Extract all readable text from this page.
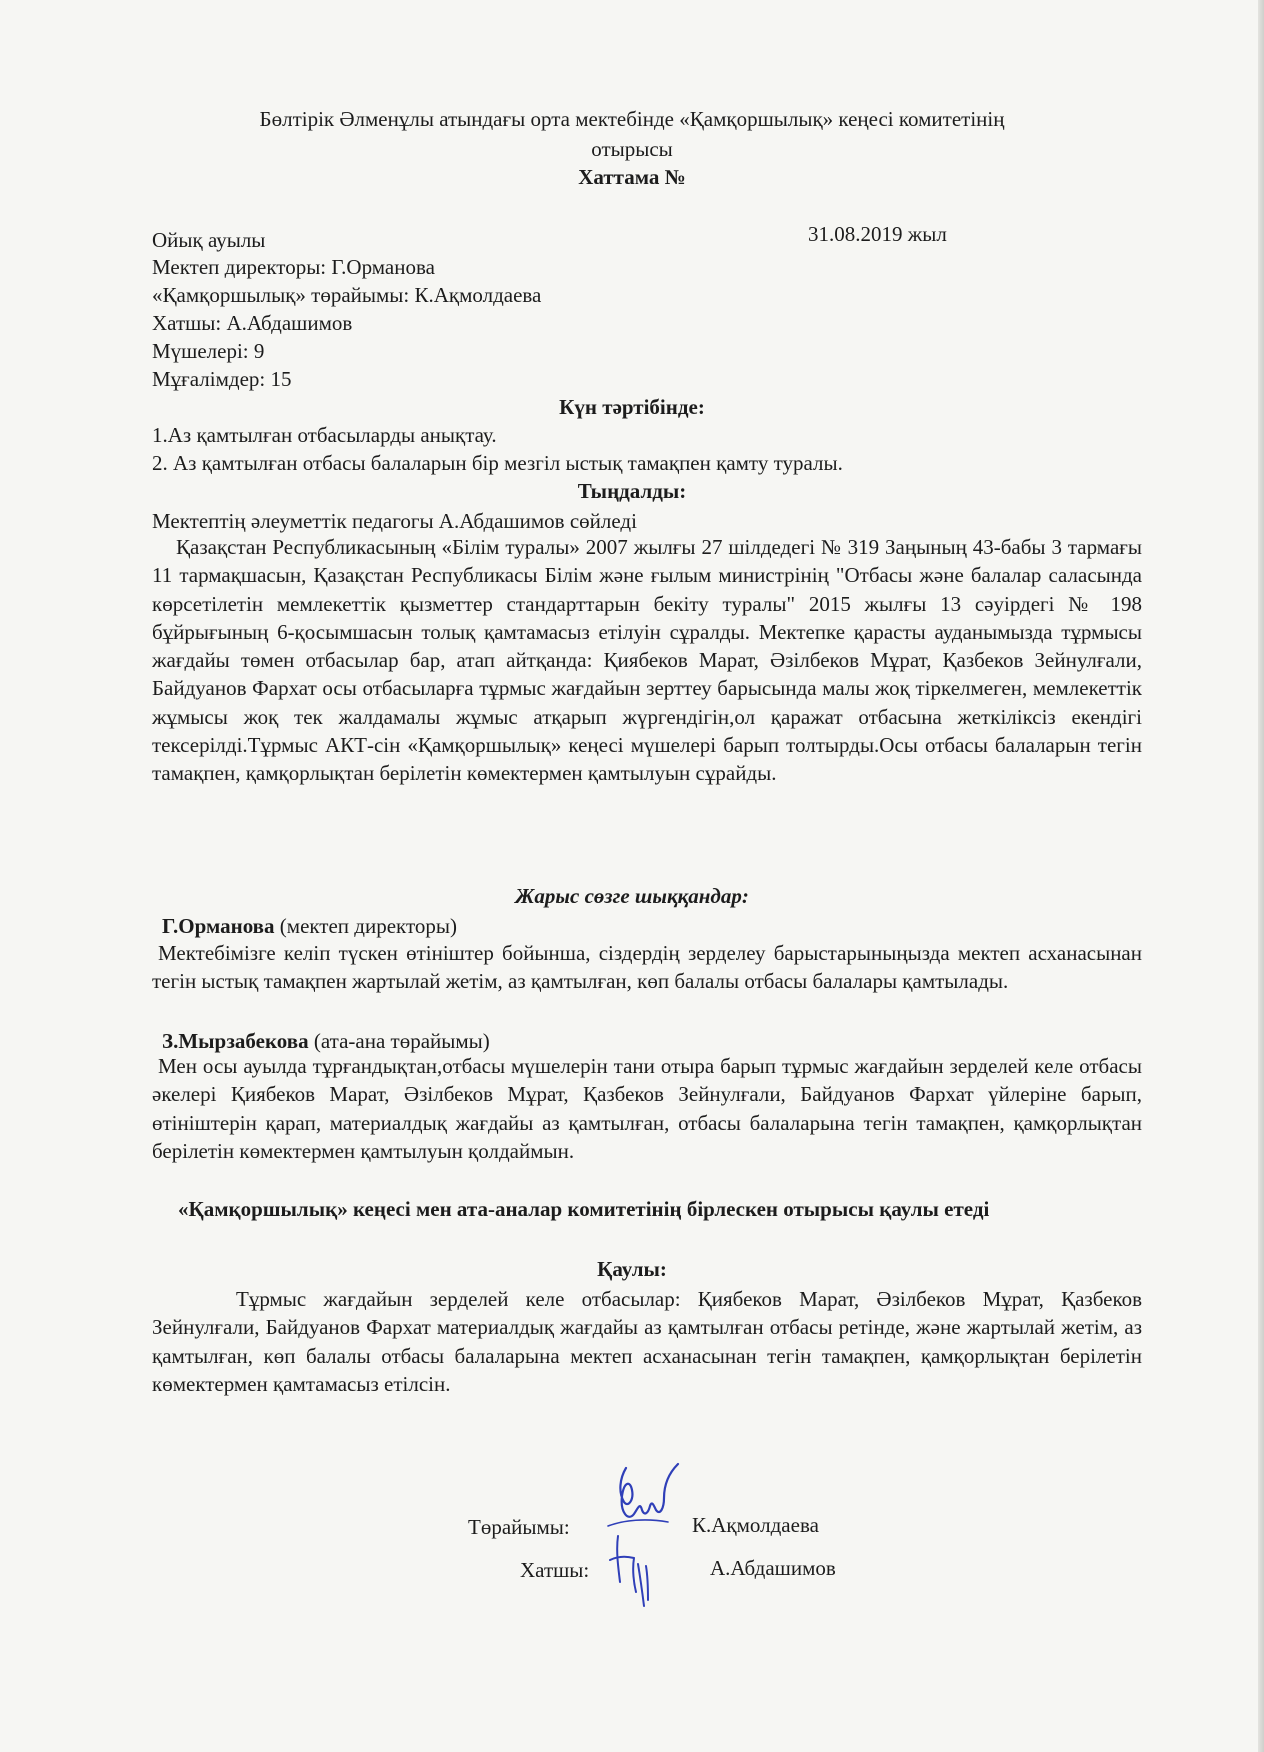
Бөлтірік Әлменұлы атындағы орта мектебінде «Қамқоршылық» кеңесі комитетінің
отырысы
Хаттама №
Ойық ауылы	31.08.2019 жыл
Мектеп директоры: Г.Орманова
«Қамқоршылық» төрайымы: К.Ақмолдаева
Хатшы: А.Абдашимов
Мүшелері: 9
Мұғалімдер: 15
Күн тәртібінде:
1.Аз қамтылған отбасыларды анықтау.
2. Аз қамтылған отбасы балаларын бір мезгіл ыстық тамақпен қамту туралы.
Тыңдалды:
Мектептің әлеуметтік педагогы А.Абдашимов сөйледі

Қазақстан Республикасының «Білім туралы» 2007 жылғы 27 шілдедегі № 319 Заңының 43-бабы 3 тармағы 11 тармақшасын, Қазақстан Республикасы Білім және ғылым министрінің "Отбасы және балалар саласында көрсетілетін мемлекеттік қызметтер стандарттарын бекіту туралы" 2015 жылғы 13 сәуірдегі № 198 бұйрығының 6-қосымшасын толық қамтамасыз етілуін сұралды. Мектепке қарасты ауданымызда тұрмысы жағдайы төмен отбасылар бар, атап айтқанда: Қиябеков Марат, Әзілбеков Мұрат, Қазбеков Зейнулғали, Байдуанов Фархат осы отбасыларға тұрмыс жағдайын зерттеу барысында малы жоқ тіркелмеген, мемлекеттік жұмысы жоқ тек жалдамалы жұмыс атқарып жүргендігін,ол қаражат отбасына жеткіліксіз екендігі тексерілді.Тұрмыс АКТ-сін «Қамқоршылық» кеңесі мүшелері барып толтырды.Осы отбасы балаларын тегін тамақпен, қамқорлықтан берілетін көмектермен қамтылуын сұрайды.

Жарыс сөзге шыққандар:
Г.Орманова (мектеп директоры)

Мектебімізге келіп түскен өтініштер бойынша, сіздердің зерделеу барыстарыныңызда мектеп асханасынан тегін ыстық тамақпен жартылай жетім, аз қамтылған, көп балалы отбасы балалары қамтылады.

З.Мырзабекова (ата-ана төрайымы)

Мен осы ауылда тұрғандықтан,отбасы мүшелерін тани отыра барып тұрмыс жағдайын зерделей келе отбасы әкелері Қиябеков Марат, Әзілбеков Мұрат, Қазбеков Зейнулғали, Байдуанов Фархат үйлеріне барып, өтініштерін қарап, материалдық жағдайы аз қамтылған, отбасы балаларына тегін тамақпен, қамқорлықтан берілетін көмектермен қамтылуын қолдаймын.

«Қамқоршылық» кеңесі мен ата-аналар комитетінің бірлескен отырысы қаулы етеді

Қаулы:

Тұрмыс жағдайын зерделей келе отбасылар: Қиябеков Марат, Әзілбеков Мұрат, Қазбеков Зейнулғали, Байдуанов Фархат материалдық жағдайы аз қамтылған отбасы ретінде, және жартылай жетім, аз қамтылған, көп балалы отбасы балаларына мектеп асханасынан тегін тамақпен, қамқорлықтан берілетін көмектермен қамтамасыз етілсін.

Төрайымы:	К.Ақмолдаева
Хатшы:	А.Абдашимов
